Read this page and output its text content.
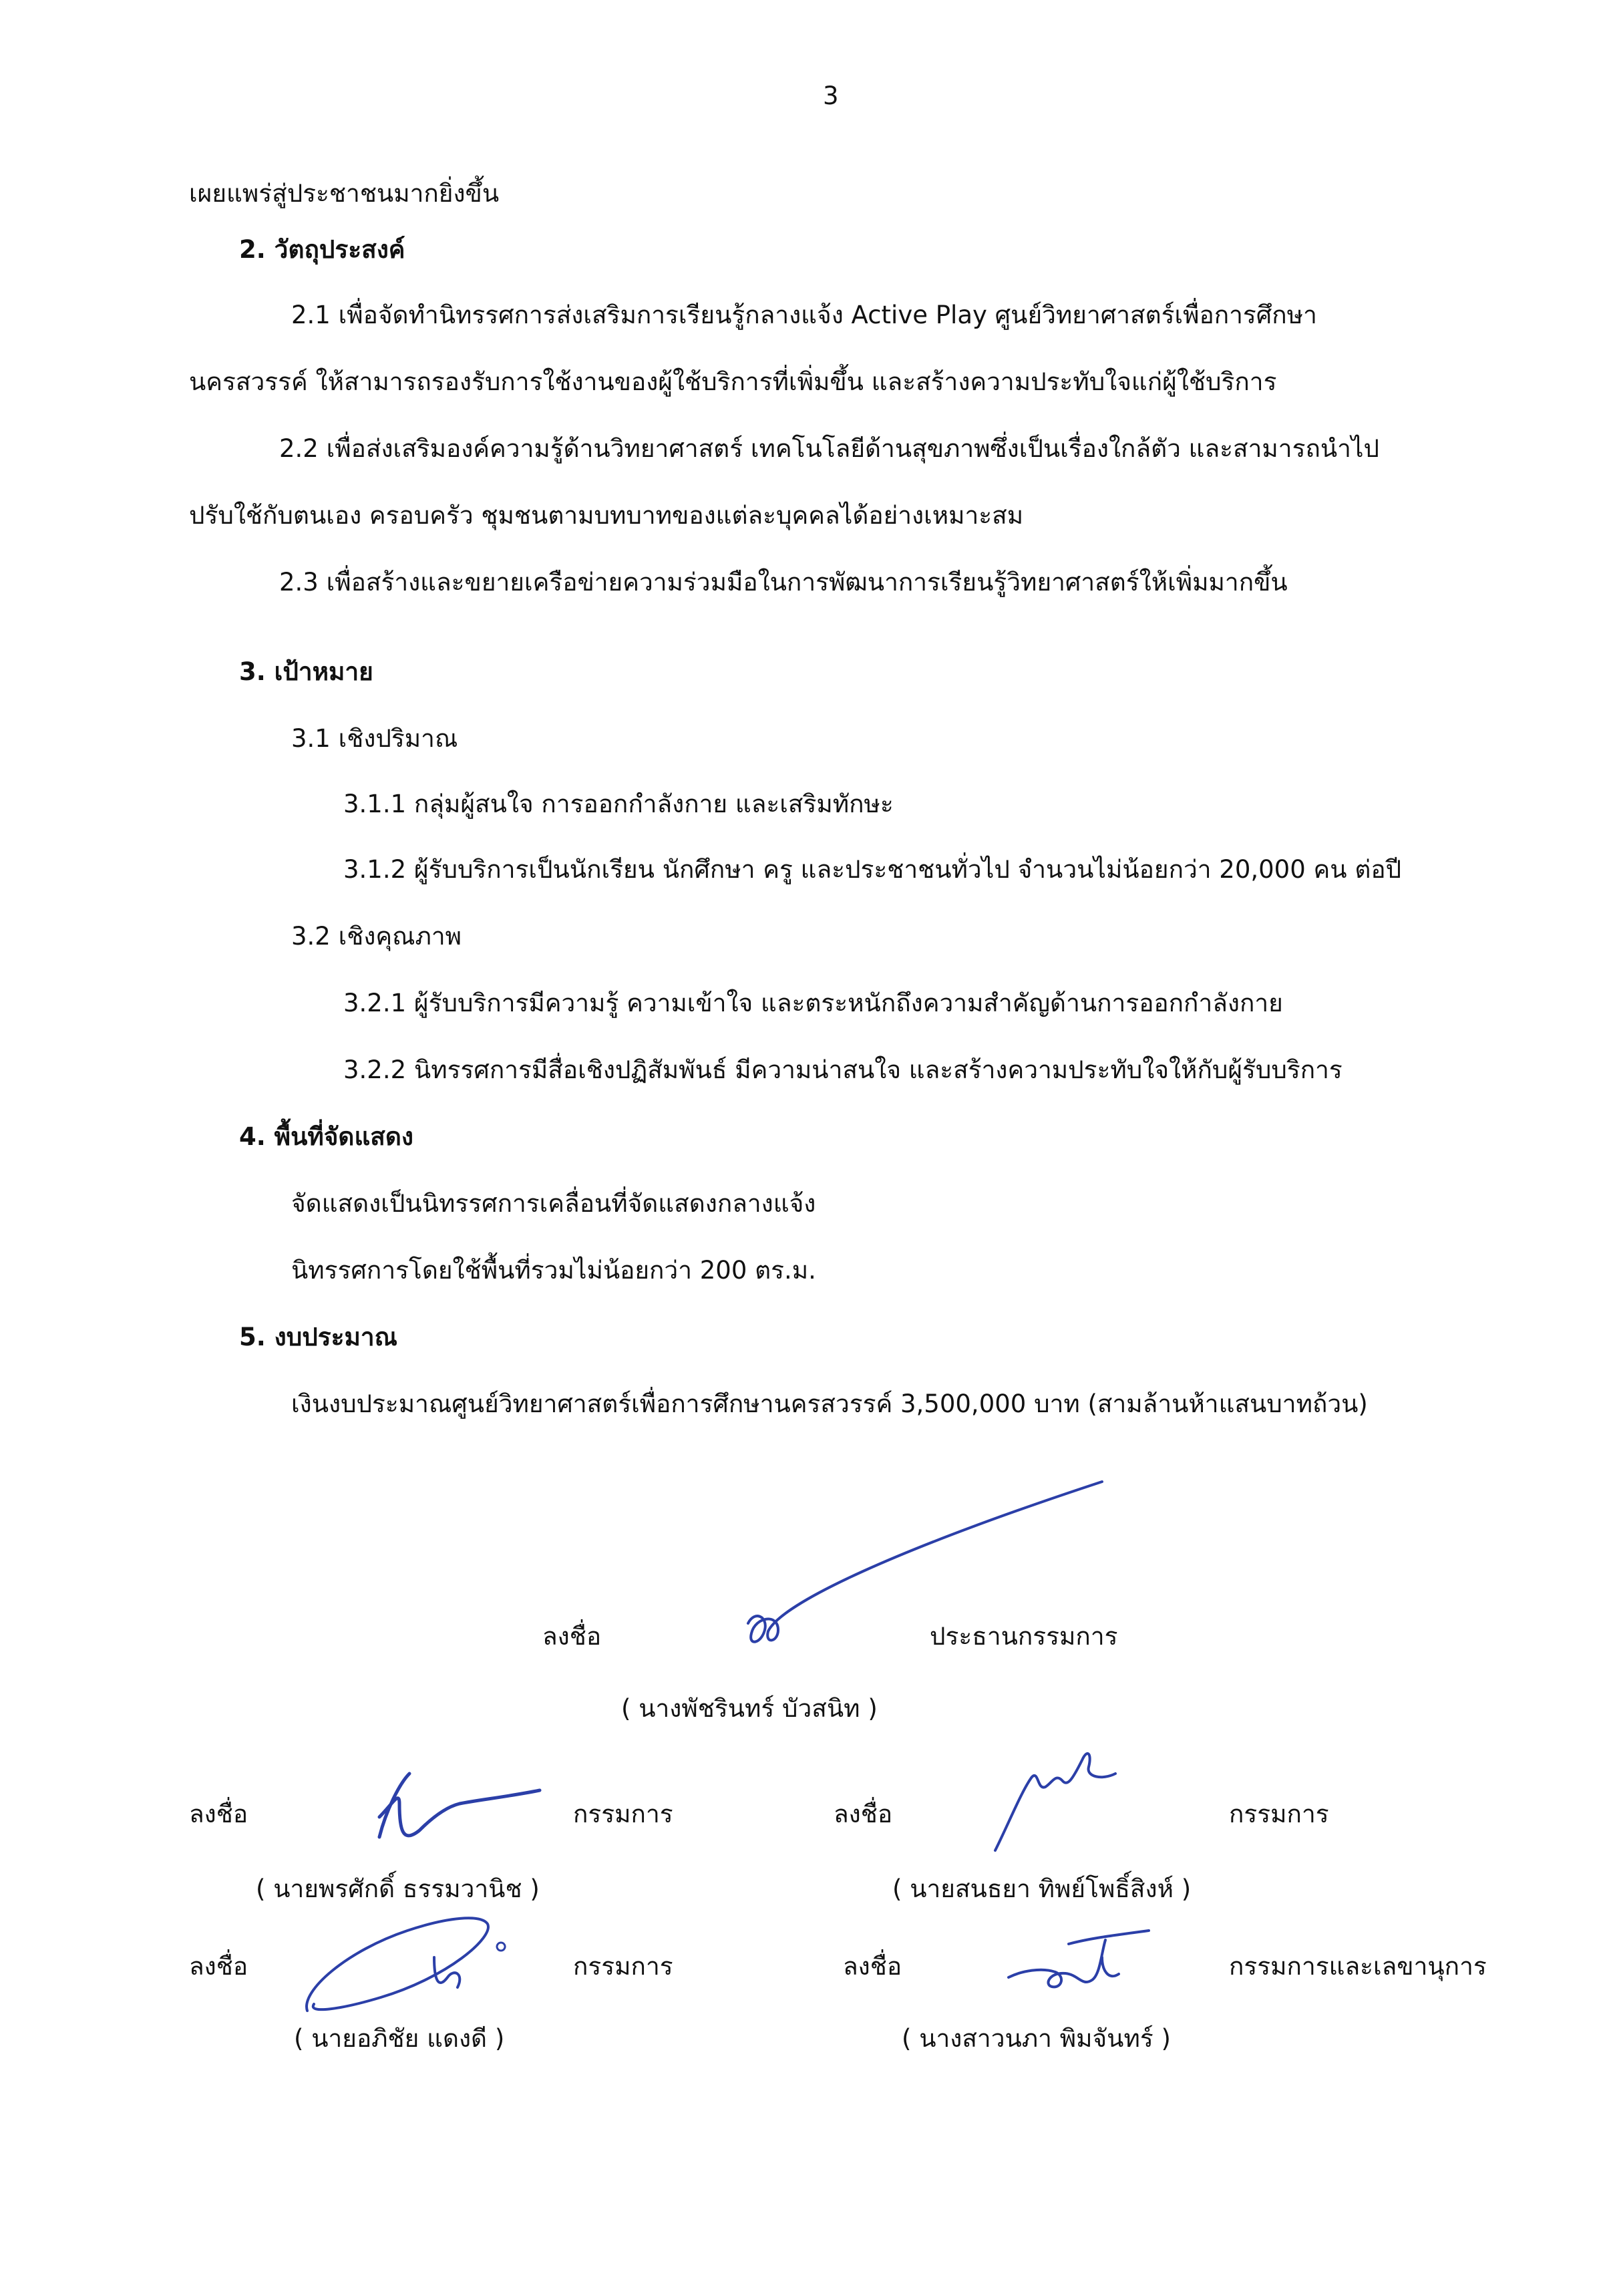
3
เผยแพร่สู่ประชาชนมากยิ่งขึ้น
2. วัตถุประสงค์
2.1 เพื่อจัดทำนิทรรศการส่งเสริมการเรียนรู้กลางแจ้ง Active Play ศูนย์วิทยาศาสตร์เพื่อการศึกษา
นครสวรรค์ ให้สามารถรองรับการใช้งานของผู้ใช้บริการที่เพิ่มขึ้น และสร้างความประทับใจแก่ผู้ใช้บริการ
2.2 เพื่อส่งเสริมองค์ความรู้ด้านวิทยาศาสตร์ เทคโนโลยีด้านสุขภาพซึ่งเป็นเรื่องใกล้ตัว และสามารถนำไป
ปรับใช้กับตนเอง ครอบครัว ชุมชนตามบทบาทของแต่ละบุคคลได้อย่างเหมาะสม
2.3 เพื่อสร้างและขยายเครือข่ายความร่วมมือในการพัฒนาการเรียนรู้วิทยาศาสตร์ให้เพิ่มมากขึ้น
3. เป้าหมาย
3.1 เชิงปริมาณ
3.1.1 กลุ่มผู้สนใจ การออกกำลังกาย และเสริมทักษะ
3.1.2 ผู้รับบริการเป็นนักเรียน นักศึกษา ครู และประชาชนทั่วไป จำนวนไม่น้อยกว่า 20,000 คน ต่อปี
3.2 เชิงคุณภาพ
3.2.1 ผู้รับบริการมีความรู้ ความเข้าใจ และตระหนักถึงความสำคัญด้านการออกกำลังกาย
3.2.2 นิทรรศการมีสื่อเชิงปฏิสัมพันธ์ มีความน่าสนใจ และสร้างความประทับใจให้กับผู้รับบริการ
4. พื้นที่จัดแสดง
จัดแสดงเป็นนิทรรศการเคลื่อนที่จัดแสดงกลางแจ้ง
นิทรรศการโดยใช้พื้นที่รวมไม่น้อยกว่า 200 ตร.ม.
5. งบประมาณ
เงินงบประมาณศูนย์วิทยาศาสตร์เพื่อการศึกษานครสวรรค์ 3,500,000 บาท (สามล้านห้าแสนบาทถ้วน)
ลงชื่อ	ประธานกรรมการ
( นางพัชรินทร์ บัวสนิท )
ลงชื่อ	กรรมการ
( นายพรศักดิ์ ธรรมวานิช )
ลงชื่อ	กรรมการ
( นายสนธยา ทิพย์โพธิ์สิงห์ )
ลงชื่อ	กรรมการ
( นายอภิชัย แดงดี )
ลงชื่อ	กรรมการและเลขานุการ
( นางสาวนภา พิมจันทร์ )
